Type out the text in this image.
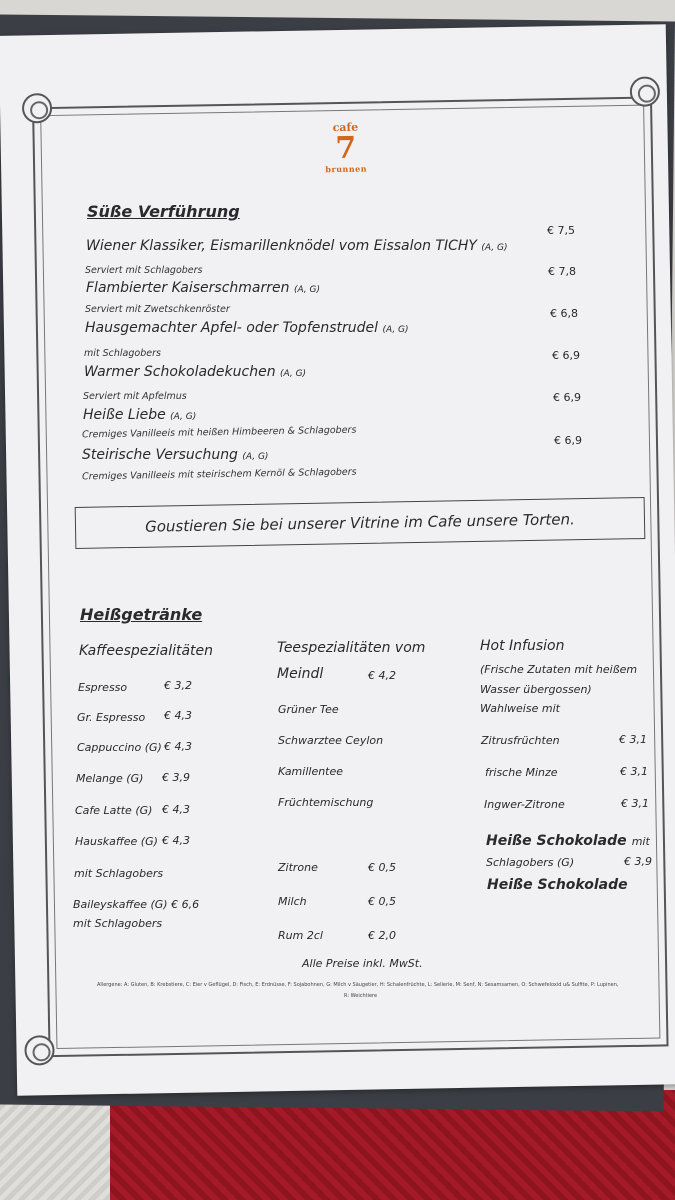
cafe
7
brunnen
Süße Verführung
Wiener Klassiker, Eismarillenknödel vom Eissalon TICHY (A, G)
€ 7,5
Serviert mit Schlagobers
Flambierter Kaiserschmarren (A, G)
€ 7,8
Serviert mit Zwetschkenröster
Hausgemachter Apfel- oder Topfenstrudel (A, G)
€ 6,8
mit Schlagobers
Warmer Schokoladekuchen (A, G)
€ 6,9
Serviert mit Apfelmus
Heiße Liebe (A, G)
€ 6,9
Cremiges Vanilleeis mit heißen Himbeeren & Schlagobers
Steirische Versuchung (A, G)
€ 6,9
Cremiges Vanilleeis mit steirischem Kernöl & Schlagobers
Goustieren Sie bei unserer Vitrine im Cafe unsere Torten.
Heißgetränke
Kaffeespezialitäten
Espresso	€ 3,2
Gr. Espresso € 4,3
Cappuccino (G) € 4,3
Melange (G) € 3,9
Cafe Latte (G) € 4,3
Hauskaffee (G) € 4,3
mit Schlagobers
Baileyskaffee (G) € 6,6
mit Schlagobers
Teespezialitäten vom
Meindl	€ 4,2
Grüner Tee
Schwarztee Ceylon
Kamillentee
Früchtemischung
Zitrone	€ 0,5
Milch	€ 0,5
Rum 2cl	€ 2,0
Hot Infusion
(Frische Zutaten mit heißem
Wasser übergossen)
Wahlweise mit
Zitrusfrüchten	€ 3,1
frische Minze	€ 3,1
Ingwer-Zitrone	€ 3,1
Heiße Schokolade mit
Schlagobers (G)	€ 3,9
Heiße Schokolade
Alle Preise inkl. MwSt.
Allergene: A: Gluten, B: Krebstiere, C: Eier v Geflügel, D: Fisch, E: Erdnüsse, F: Sojabohnen, G: Milch v Säugetier, H: Schalenfrüchte, L: Sellerie, M: Senf, N: Sesamsamen, O: Schwefeloxid u& Sulfite, P: Lupinen,
R: Weichtiere
